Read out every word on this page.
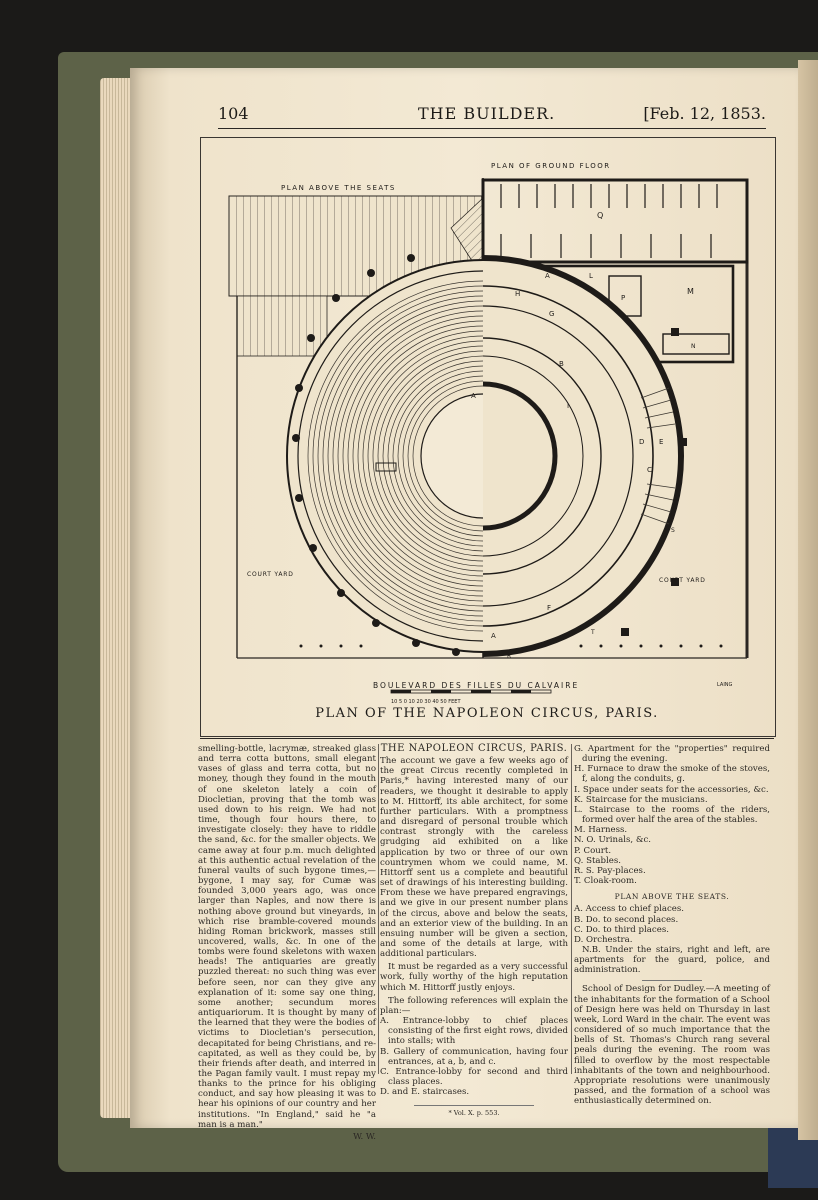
104	THE BUILDER.	[Feb. 12, 1853.
PLAN ABOVE THE SEATS
PLAN OF GROUND FLOOR
COURT YARD
COURT YARD
BOULEVARD DES FILLES DU CALVAIRE
10 5 0 10 20 30 40 50 FEET
LAING
Q
M
P
N
A	L
H
G
B
I
D E
C
F
R
S
T
A
A
PLAN OF THE NAPOLEON CIRCUS, PARIS.

smelling-bottle, lacrymæ, streaked glass and terra cotta buttons, small elegant vases of glass and terra cotta, but no money, though they found in the mouth of one skeleton lately a coin of Diocletian, proving that the tomb was used down to his reign. We had not time, though four hours there, to investigate closely: they have to riddle the sand, &c. for the smaller objects. We came away at four p.m. much delighted at this authentic actual revelation of the funeral vaults of such bygone times,—bygone, I may say, for Cumæ was founded 3,000 years ago, was once larger than Naples, and now there is nothing above ground but vineyards, in which rise bramble-covered mounds hiding Roman brickwork, masses still uncovered, walls, &c. In one of the tombs were found skeletons with waxen heads! The antiquaries are greatly puzzled thereat: no such thing was ever before seen, nor can they give any explanation of it: some say one thing, some another; secundum mores antiquariorum. It is thought by many of the learned that they were the bodies of victims to Diocletian's persecution, decapitated for being Christians, and re-capitated, as well as they could be, by their friends after death, and interred in the Pagan family vault. I must repay my thanks to the prince for his obliging conduct, and say how pleasing it was to hear his opinions of our country and her institutions. "In England," said he "a man is a man."

W. W.

THE NAPOLEON CIRCUS, PARIS.

The account we gave a few weeks ago of the great Circus recently completed in Paris,* having interested many of our readers, we thought it desirable to apply to M. Hittorff, its able architect, for some further particulars. With a promptness and disregard of personal trouble which contrast strongly with the careless grudging aid exhibited on a like application by two or three of our own countrymen whom we could name, M. Hittorff sent us a complete and beautiful set of drawings of his interesting building. From these we have prepared engravings, and we give in our present number plans of the circus, above and below the seats, and an exterior view of the building. In an ensuing number will be given a section, and some of the details at large, with additional particulars.

It must be regarded as a very successful work, fully worthy of the high reputation which M. Hittorff justly enjoys.

The following references will explain the plan:—

A. Entrance-lobby to chief places consisting of the first eight rows, divided into stalls; with

B. Gallery of communication, having four entrances, at a, b, and c.

C. Entrance-lobby for second and third class places.

D. and E. staircases.

* Vol. X. p. 553.

G. Apartment for the "properties" required during the evening.

H. Furnace to draw the smoke of the stoves, f, along the conduits, g.

I. Space under seats for the accessories, &c.

K. Staircase for the musicians.

L. Staircase to the rooms of the riders, formed over half the area of the stables.

M. Harness.

N. O. Urinals, &c.

P. Court.

Q. Stables.

R. S. Pay-places.

T. Cloak-room.

PLAN ABOVE THE SEATS.

A. Access to chief places.

B. Do. to second places.

C. Do. to third places.

D. Orchestra.

N.B. Under the stairs, right and left, are apartments for the guard, police, and administration.

School of Design for Dudley.—A meeting of the inhabitants for the formation of a School of Design here was held on Thursday in last week, Lord Ward in the chair. The event was considered of so much importance that the bells of St. Thomas's Church rang several peals during the evening. The room was filled to overflow by the most respectable inhabitants of the town and neighbourhood. Appropriate resolutions were unanimously passed, and the formation of a school was enthusiastically determined on.
